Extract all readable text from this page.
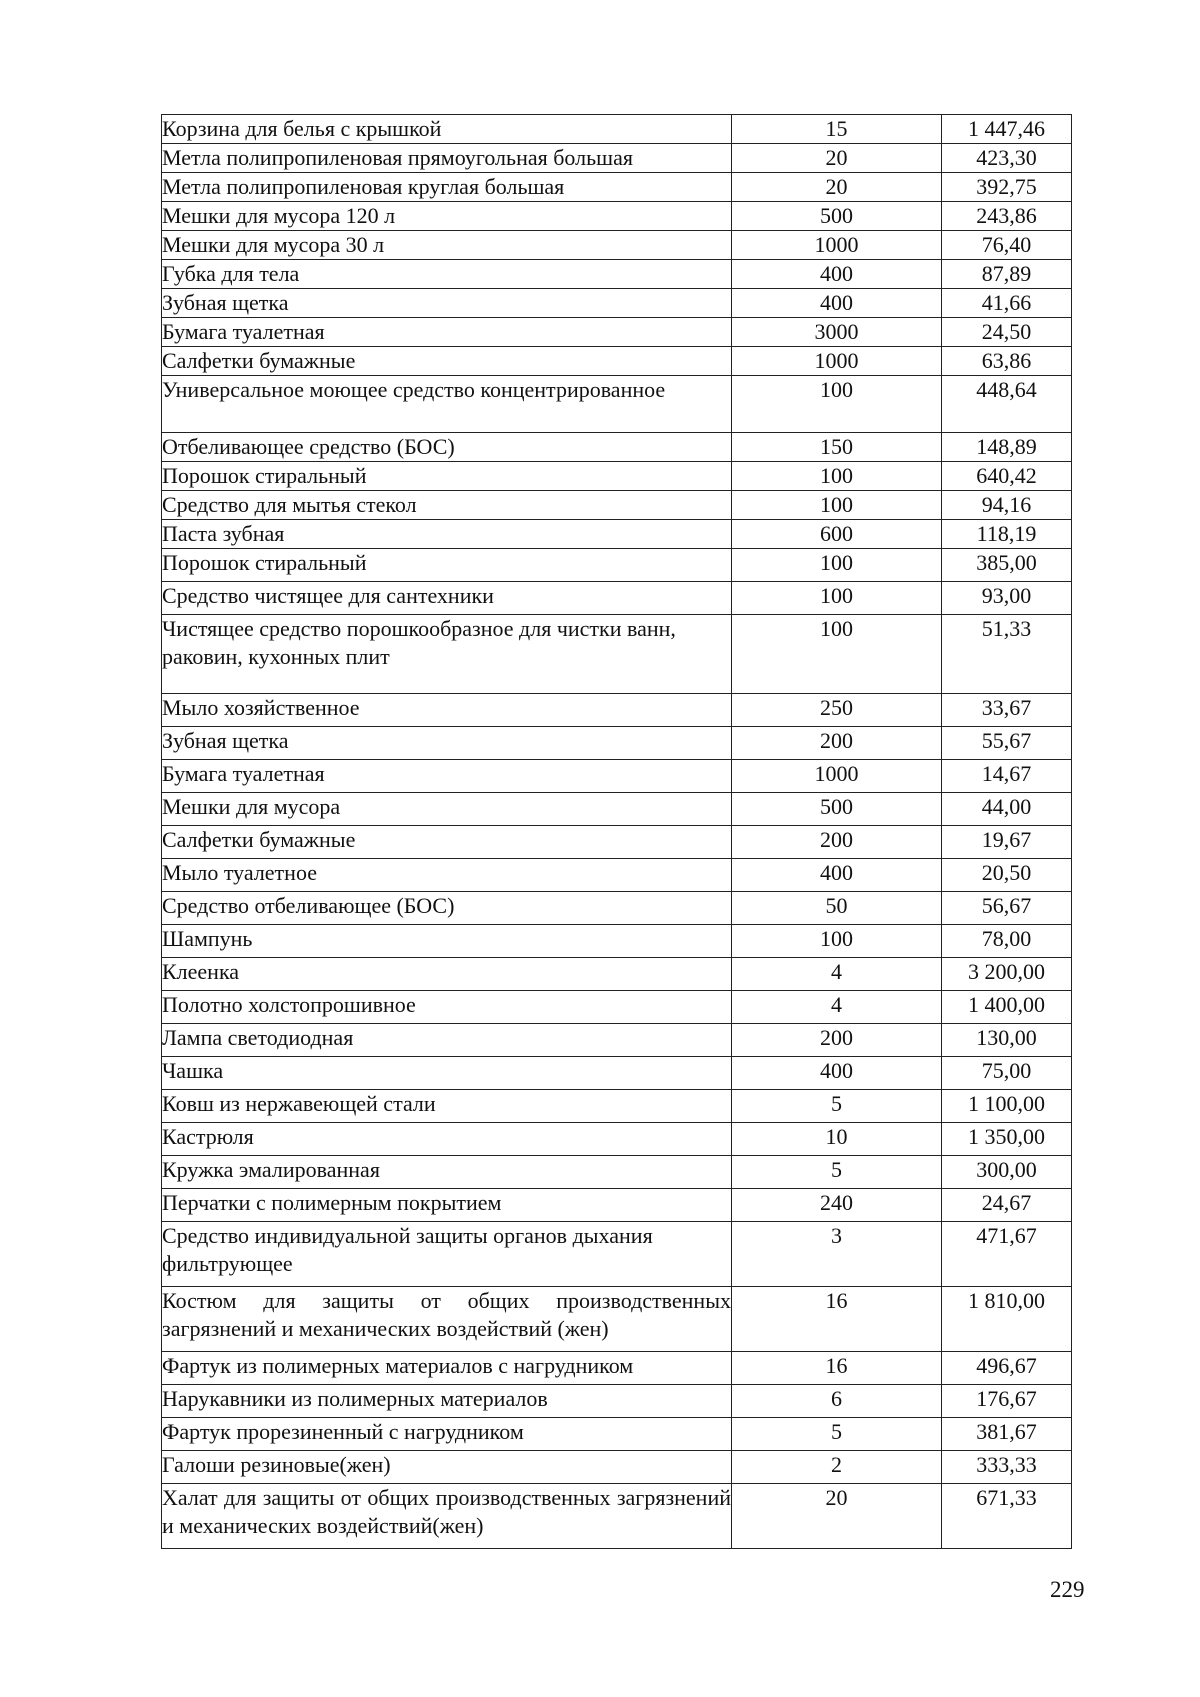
Корзина для белья с крышкой	15	1 447,46
Метла полипропиленовая прямоугольная большая	20	423,30
Метла полипропиленовая круглая большая	20	392,75
Мешки для мусора 120 л	500	243,86
Мешки для мусора 30 л	1000	76,40
Губка для тела	400	87,89
Зубная щетка	400	41,66
Бумага туалетная	3000	24,50
Салфетки бумажные	1000	63,86
Универсальное моющее средство концентрированное	100	448,64
Отбеливающее средство (БОС)	150	148,89
Порошок стиральный	100	640,42
Средство для мытья стекол	100	94,16
Паста зубная	600	118,19
Порошок стиральный	100	385,00
Средство чистящее для сантехники	100	93,00
Чистящее средство порошкообразное для чистки ванн, раковин, кухонных плит	100	51,33
Мыло хозяйственное	250	33,67
Зубная щетка	200	55,67
Бумага туалетная	1000	14,67
Мешки для мусора	500	44,00
Салфетки бумажные	200	19,67
Мыло туалетное	400	20,50
Средство отбеливающее (БОС)	50	56,67
Шампунь	100	78,00
Клеенка	4	3 200,00
Полотно холстопрошивное	4	1 400,00
Лампа светодиодная	200	130,00
Чашка	400	75,00
Ковш из нержавеющей стали	5	1 100,00
Кастрюля	10	1 350,00
Кружка эмалированная	5	300,00
Перчатки с полимерным покрытием	240	24,67
Средство индивидуальной защиты органов дыхания фильтрующее	3	471,67
Костюм для защиты от общих производственных загрязнений и механических воздействий (жен)	16	1 810,00
Фартук из полимерных материалов с нагрудником	16	496,67
Нарукавники из полимерных материалов	6	176,67
Фартук прорезиненный с нагрудником	5	381,67
Галоши резиновые(жен)	2	333,33
Халат для защиты от общих производственных загрязнений и механических воздействий(жен)	20	671,33
229
